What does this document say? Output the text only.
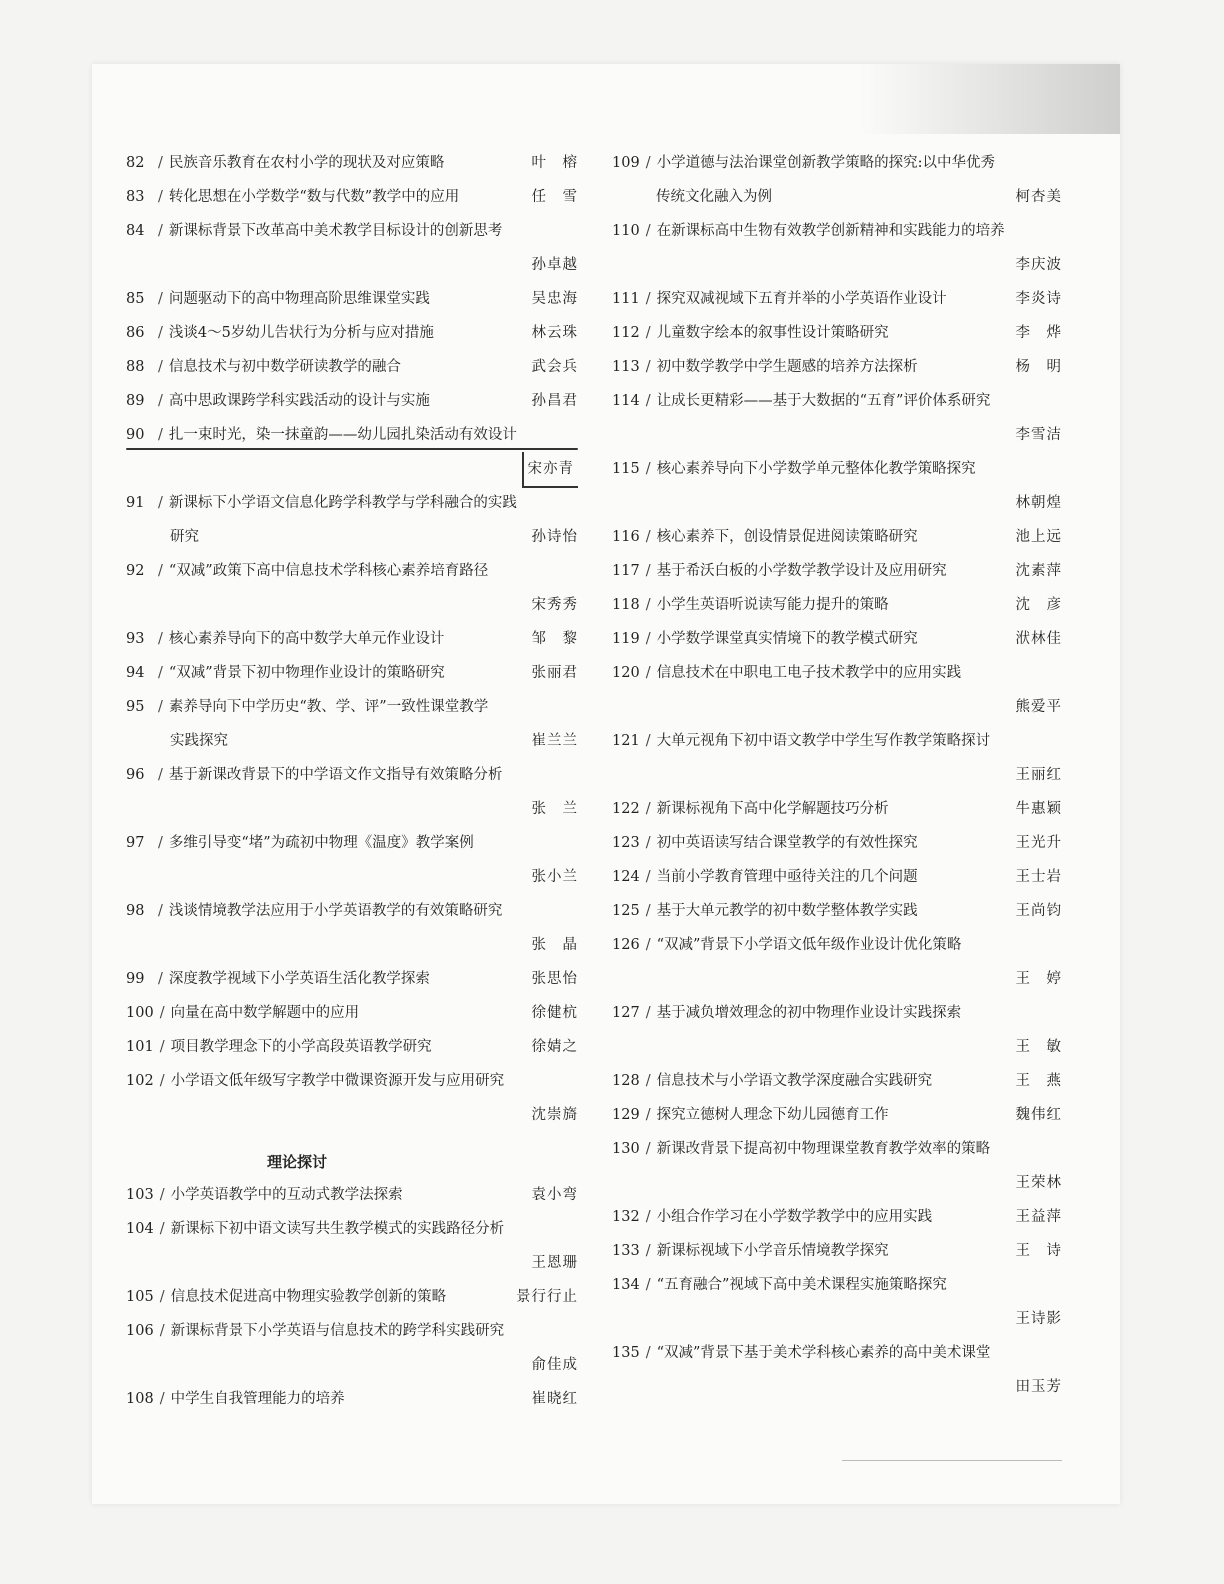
82 / 民族音乐教育在农村小学的现状及对应策略	叶　榕
83 / 转化思想在小学数学“数与代数”教学中的应用	任　雪
84 / 新课标背景下改革高中美术教学目标设计的创新思考
孙卓越
85 / 问题驱动下的高中物理高阶思维课堂实践	吴忠海
86 / 浅谈4～5岁幼儿告状行为分析与应对措施	林云珠
88 / 信息技术与初中数学研读教学的融合	武会兵
89 / 高中思政课跨学科实践活动的设计与实施	孙昌君
90 / 扎一束时光，染一抹童韵——幼儿园扎染活动有效设计
宋亦青
91 / 新课标下小学语文信息化跨学科教学与学科融合的实践
研究	孙诗怡
92 / “双减”政策下高中信息技术学科核心素养培育路径
宋秀秀
93 / 核心素养导向下的高中数学大单元作业设计	邹　黎
94 / “双减”背景下初中物理作业设计的策略研究	张丽君
95 / 素养导向下中学历史“教、学、评”一致性课堂教学
实践探究	崔兰兰
96 / 基于新课改背景下的中学语文作文指导有效策略分析
张　兰
97 / 多维引导变“堵”为疏初中物理《温度》教学案例
张小兰
98 / 浅谈情境教学法应用于小学英语教学的有效策略研究
张　晶
99 / 深度教学视域下小学英语生活化教学探索	张思怡
100 / 向量在高中数学解题中的应用	徐健杭
101 / 项目教学理念下的小学高段英语教学研究	徐婧之
102 / 小学语文低年级写字教学中微课资源开发与应用研究
沈崇旖
理论探讨
103 / 小学英语教学中的互动式教学法探索	袁小弯
104 / 新课标下初中语文读写共生教学模式的实践路径分析
王恩珊
105 / 信息技术促进高中物理实验教学创新的策略	景行行止
106 / 新课标背景下小学英语与信息技术的跨学科实践研究
俞佳成
108 / 中学生自我管理能力的培养	崔晓红
109 / 小学道德与法治课堂创新教学策略的探究:以中华优秀
传统文化融入为例	柯杏美
110 / 在新课标高中生物有效教学创新精神和实践能力的培养
李庆波
111 / 探究双减视域下五育并举的小学英语作业设计	李炎诗
112 / 儿童数字绘本的叙事性设计策略研究	李　烨
113 / 初中数学教学中学生题感的培养方法探析	杨　明
114 / 让成长更精彩——基于大数据的“五育”评价体系研究
李雪洁
115 / 核心素养导向下小学数学单元整体化教学策略探究
林朝煌
116 / 核心素养下，创设情景促进阅读策略研究	池上远
117 / 基于希沃白板的小学数学教学设计及应用研究	沈素萍
118 / 小学生英语听说读写能力提升的策略	沈　彦
119 / 小学数学课堂真实情境下的教学模式研究	洑林佳
120 / 信息技术在中职电工电子技术教学中的应用实践
熊爱平
121 / 大单元视角下初中语文教学中学生写作教学策略探讨
王丽红
122 / 新课标视角下高中化学解题技巧分析	牛惠颖
123 / 初中英语读写结合课堂教学的有效性探究	王光升
124 / 当前小学教育管理中亟待关注的几个问题	王士岩
125 / 基于大单元教学的初中数学整体教学实践	王尚钧
126 / “双减”背景下小学语文低年级作业设计优化策略
王　婷
127 / 基于减负增效理念的初中物理作业设计实践探索
王　敏
128 / 信息技术与小学语文教学深度融合实践研究	王　燕
129 / 探究立德树人理念下幼儿园德育工作	魏伟红
130 / 新课改背景下提高初中物理课堂教育教学效率的策略
王荣林
132 / 小组合作学习在小学数学教学中的应用实践	王益萍
133 / 新课标视域下小学音乐情境教学探究	王　诗
134 / “五育融合”视域下高中美术课程实施策略探究
王诗影
135 / “双减”背景下基于美术学科核心素养的高中美术课堂
田玉芳
